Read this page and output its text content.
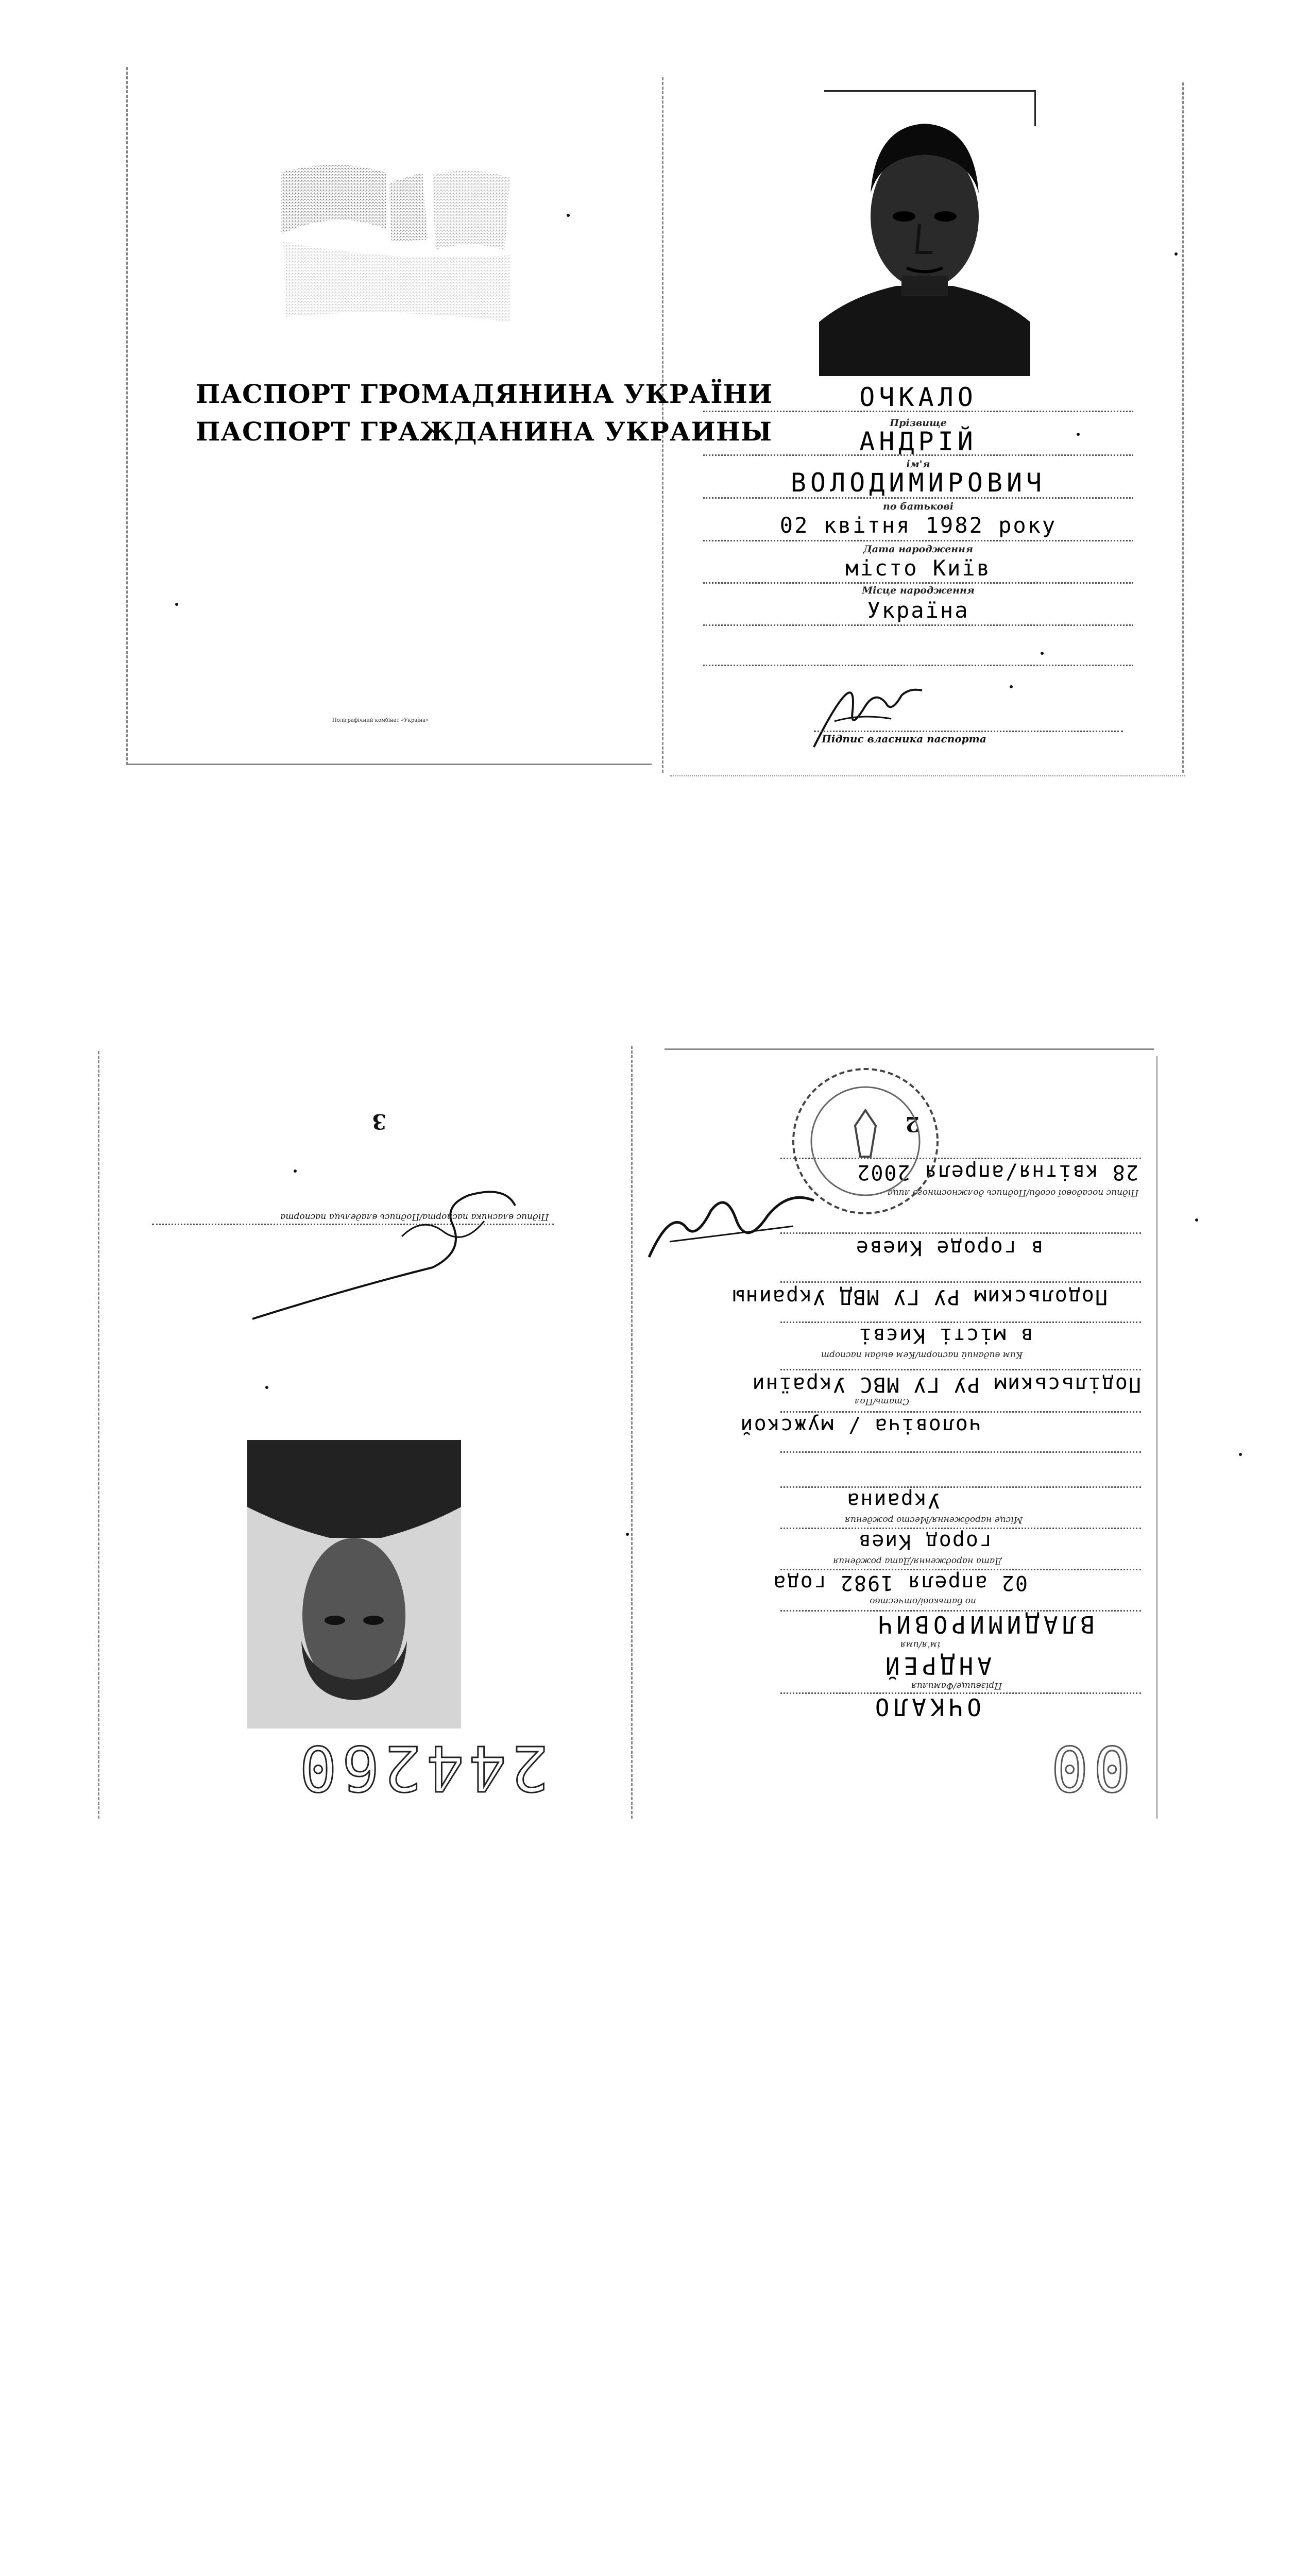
ПАСПОРТ ГРОМАДЯНИНА УКРАЇНИ
ПАСПОРТ ГРАЖДАНИНА УКРАИНЫ
Поліграфічний комбінат «Україна»
ОЧКАЛО
Прізвище
АНДРІЙ
ім'я
ВОЛОДИМИРОВИЧ
по батькові
02 квітня 1982 року
Дата народження
місто Київ
Місце народження
Україна
Підпис власника паспорта
3
Підпис власника паспорта/Подпись владельца паспорта
2
28 квітня/апреля 2002
Підпис посадової особи/Подпись должностного лица
в городе Киеве
Подольским РУ ГУ МВД Украины
в місті Києві
Ким виданий паспорт/Кем выдан паспорт
Подільським РУ ГУ МВС України
Стать/Пол
чоловіча / мужской
Украина
Місце народження/Место рождения
город Киев
Дата народження/Дата рождения
02 апреля 1982 года
по батькові/отчество
ВЛАДИМИРОВИЧ
ім'я/имя
АНДРЕЙ
Прізвище/Фамилия
ОЧКАЛО
244260	00
